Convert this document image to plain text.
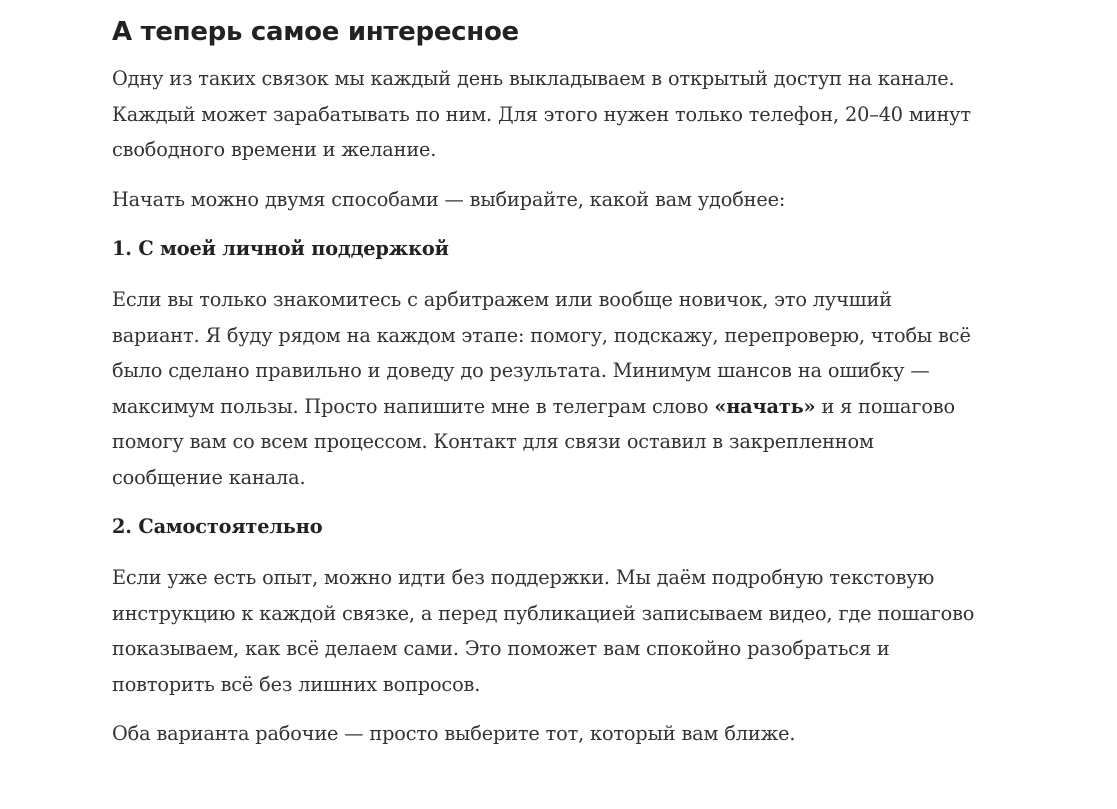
А теперь самое интересное

Одну из таких связок мы каждый день выкладываем в открытый доступ на канале. Каждый может зарабатывать по ним. Для этого нужен только телефон, 20–40 минут свободного времени и желание.

Начать можно двумя способами — выбирайте, какой вам удобнее:

1. С моей личной поддержкой

Если вы только знакомитесь с арбитражем или вообще новичок, это лучший вариант. Я буду рядом на каждом этапе: помогу, подскажу, перепроверю, чтобы всё было сделано правильно и доведу до результата. Минимум шансов на ошибку — максимум пользы. Просто напишите мне в телеграм слово «начать» и я пошагово помогу вам со всем процессом. Контакт для связи оставил в закрепленном сообщение канала.

2. Самостоятельно

Если уже есть опыт, можно идти без поддержки. Мы даём подробную текстовую инструкцию к каждой связке, а перед публикацией записываем видео, где пошагово показываем, как всё делаем сами. Это поможет вам спокойно разобраться и повторить всё без лишних вопросов.

Оба варианта рабочие — просто выберите тот, который вам ближе.
